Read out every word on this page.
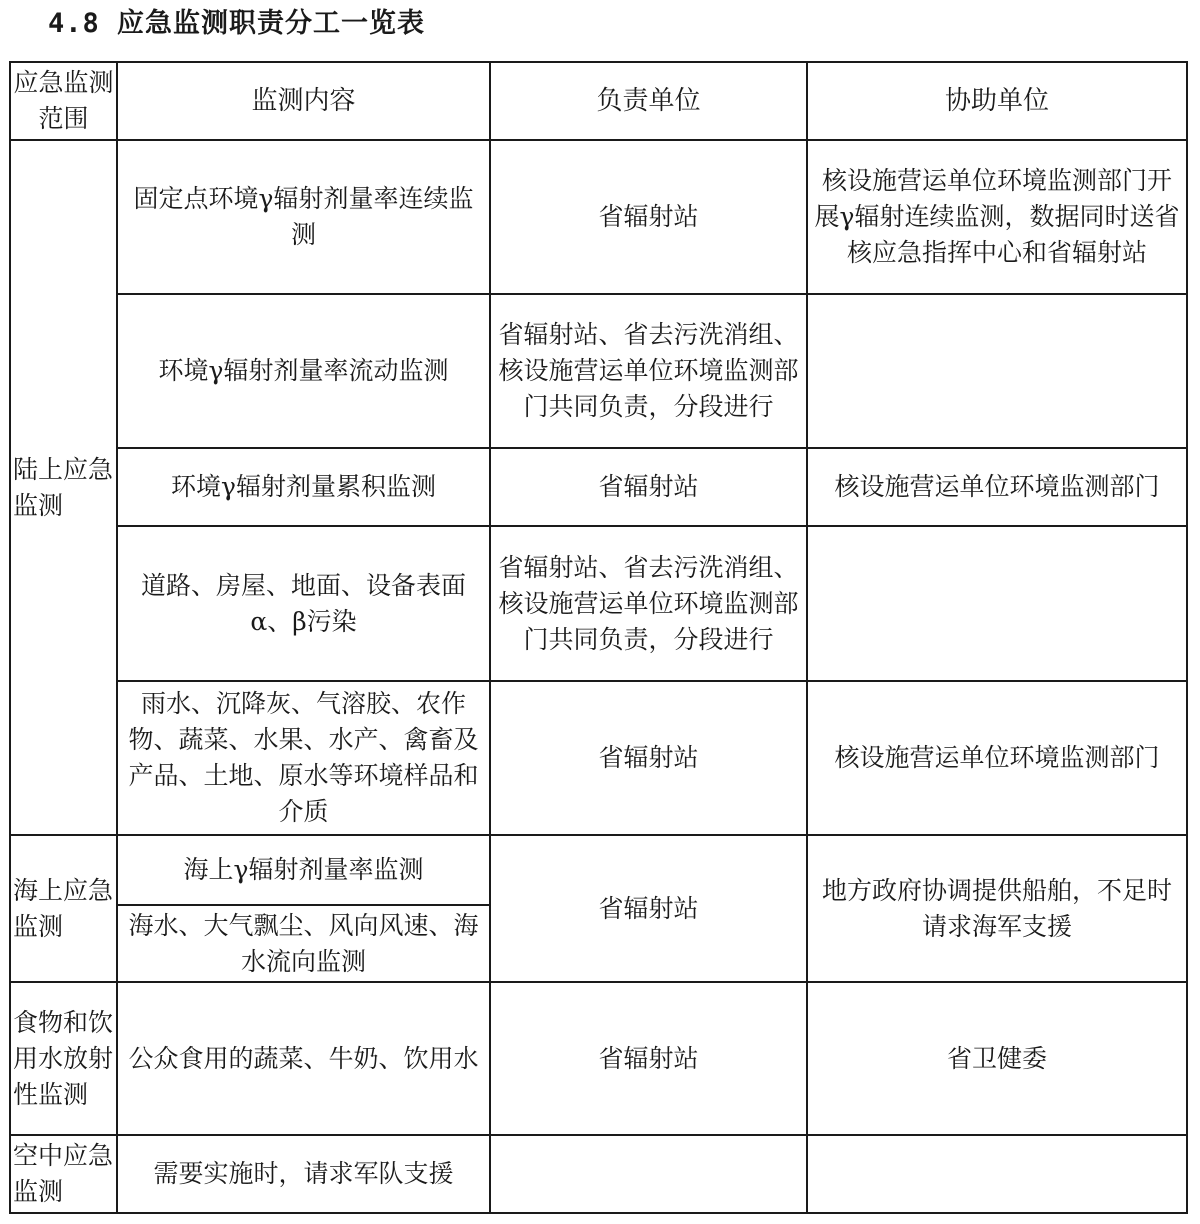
4.8 应急监测职责分工一览表
应急监测范围	监测内容	负责单位	协助单位
陆上应急监测	固定点环境γ辐射剂量率连续监测	省辐射站	核设施营运单位环境监测部门开展γ辐射连续监测，数据同时送省核应急指挥中心和省辐射站
	环境γ辐射剂量率流动监测	省辐射站、省去污洗消组、核设施营运单位环境监测部门共同负责，分段进行	
	环境γ辐射剂量累积监测	省辐射站	核设施营运单位环境监测部门
	道路、房屋、地面、设备表面α、β污染	省辐射站、省去污洗消组、核设施营运单位环境监测部门共同负责，分段进行	
	雨水、沉降灰、气溶胶、农作物、蔬菜、水果、水产、禽畜及产品、土地、原水等环境样品和介质	省辐射站	核设施营运单位环境监测部门
海上应急监测	海上γ辐射剂量率监测	省辐射站	地方政府协调提供船舶，不足时请求海军支援
	海水、大气飘尘、风向风速、海水流向监测		
食物和饮用水放射性监测	公众食用的蔬菜、牛奶、饮用水	省辐射站	省卫健委
空中应急监测	需要实施时，请求军队支援		
